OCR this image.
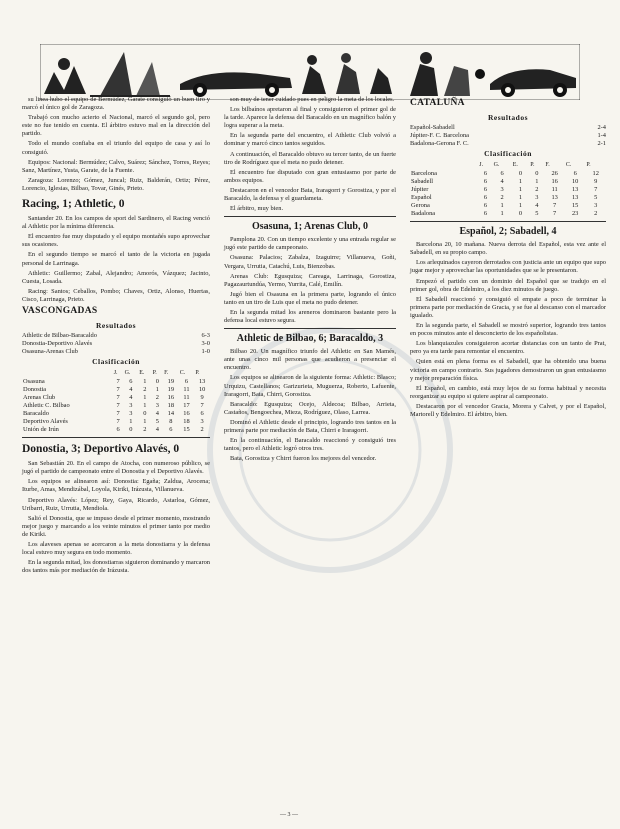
su linea hubo el equipo de Bermúdez, Garate consiguió un buen tiro y marcó el único gol de Zaragoza.

Trabajó con mucho acierto el Nacional, marcó el segundo gol, pero este no fue tenido en cuenta. El árbitro estuvo mal en la dirección del partido.

Todo el mundo confiaba en el triunfo del equipo de casa y así lo consiguió.

Equipos: Nacional: Bermúdez; Calvo, Suárez; Sánchez, Torres, Reyes; Sanz, Martínez, Yusta, Garate, de la Fuente.

Zaragoza: Lorenzo; Gómez, Juncal; Ruiz, Balderán, Ortiz; Pérez, Lorencio, Iglesias, Bilbao, Tovar, Ginés, Prieto.

Racing, 1; Athletic, 0

Santander 20. En los campos de sport del Sardinero, el Racing venció al Athletic por la mínima diferencia.

El encuentro fue muy disputado y el equipo montañés supo aprovechar sus ocasiones.

En el segundo tiempo se marcó el tanto de la victoria en jugada personal de Larrinaga.

Athletic: Guillermo; Zabal, Alejandro; Amorós, Vázquez; Jacinto, Cuesta, Losada.

Racing: Santos; Ceballos, Pombo; Chaves, Ortiz, Alonso, Huertas, Cisco, Larrinaga, Prieto.

VASCONGADAS
Resultados
Athletic de Bilbao-Baracaldo	6-3
Donostia-Deportivo Alavés	3-0
Osasuna-Arenas Club	1-0
Clasificación
	J.	G.	E.	P.	F.	C.	P.
Osasuna	7	6	1	0	19	6	13
Donostia	7	4	2	1	19	11	10
Arenas Club	7	4	1	2	16	11	9
Athletic C. Bilbao	7	3	1	3	18	17	7
Baracaldo	7	3	0	4	14	16	6
Deportivo Alavés	7	1	1	5	8	18	3
Unión de Irún	6	0	2	4	6	15	2
Donostia, 3; Deportivo Alavés, 0

San Sebastián 20. En el campo de Atocha, con numeroso público, se jugó el partido de campeonato entre el Donostia y el Deportivo Alavés.

Los equipos se alinearon así: Donostia: Egaña; Zaldua, Arocena; Iturbe, Amas, Mendizábal, Loyola, Kiriki, Irázusta, Villanueva.

Deportivo Alavés: López; Rey, Gaya, Ricardo, Astarloa, Gómez, Uribarri, Ruiz, Urrutia, Mendiola.

Salió el Donostia, que se impuso desde el primer momento, mostrando mejor juego y marcando a los veinte minutos el primer tanto por medio de Kiriki.

Los alaveses apenas se acercaron a la meta donostiarra y la defensa local estuvo muy segura en todo momento.

En la segunda mitad, los donostiarras siguieron dominando y marcaron dos tantos más por mediación de Irázusta.

son muy de tener cuidado pues en peligro la meta de los locales.

Los bilbaínos apretaron al final y consiguieron el primer gol de la tarde. Aparece la defensa del Baracaldo en un magnífico balón y logra superar a la meta.

En la segunda parte del encuentro, el Athletic Club volvió a dominar y marcó cinco tantos seguidos.

A continuación, el Baracaldo obtuvo su tercer tanto, de un fuerte tiro de Rodríguez que el meta no pudo detener.

El encuentro fue disputado con gran entusiasmo por parte de ambos equipos.

Destacaron en el vencedor Bata, Iraragorri y Gorostiza, y por el Baracaldo, la defensa y el guardameta.

El árbitro, muy bien.

Osasuna, 1; Arenas Club, 0

Pamplona 20. Con un tiempo excelente y una entrada regular se jugó este partido de campeonato.

Osasuna: Palacios; Zabalza, Izaguirre; Villanueva, Goñi, Vergara, Urrutia, Catachú, Luis, Bienzobas.

Arenas Club: Egusquiza; Careaga, Larrinaga, Gorostiza, Pagazaurtundúa, Yermo, Yurrita, Calé, Emilín.

Jugó bien el Osasuna en la primera parte, logrando el único tanto en un tiro de Luis que el meta no pudo detener.

En la segunda mitad los areneros dominaron bastante pero la defensa local estuvo segura.

Athletic de Bilbao, 6; Baracaldo, 3

Bilbao 20. Un magnífico triunfo del Athletic en San Mamés, ante unas cinco mil personas que acudieron a presenciar el encuentro.

Los equipos se alinearon de la siguiente forma: Athletic: Blasco; Urquizu, Castellanos; Garizurieta, Muguerza, Roberto, Lafuente, Iraragorri, Bata, Chirri, Gorostiza.

Baracaldo: Egusquiza; Ocejo, Aldecoa; Bilbao, Arrieta, Castaños, Bengoechea, Mieza, Rodríguez, Olaso, Larrea.

Dominó el Athletic desde el principio, logrando tres tantos en la primera parte por mediación de Bata, Chirri e Iraragorri.

En la continuación, el Baracaldo reaccionó y consiguió tres tantos, pero el Athletic logró otros tres.

Bata, Gorostiza y Chirri fueron los mejores del vencedor.

CATALUÑA
Resultados
Español-Sabadell	2-4
Júpiter-F. C. Barcelona	1-4
Badalona-Gerona F. C.	2-1
Clasificación
	J.	G.	E.	P.	F.	C.	P.
Barcelona	6	6	0	0	26	6	12
Sabadell	6	4	1	1	16	10	9
Júpiter	6	3	1	2	11	13	7
Español	6	2	1	3	13	13	5
Gerona	6	1	1	4	7	15	3
Badalona	6	1	0	5	7	23	2
Español, 2; Sabadell, 4

Barcelona 20, 10 mañana. Nueva derrota del Español, esta vez ante el Sabadell, en su propio campo.

Los arlequinados cayeron derrotados con justicia ante un equipo que supo jugar mejor y aprovechar las oportunidades que se le presentaron.

Empezó el partido con un dominio del Español que se tradujo en el primer gol, obra de Edelmiro, a los diez minutos de juego.

El Sabadell reaccionó y consiguió el empate a poco de terminar la primera parte por mediación de Gracia, y se fue al descanso con el marcador igualado.

En la segunda parte, el Sabadell se mostró superior, logrando tres tantos en pocos minutos ante el desconcierto de los españolistas.

Los blanquiazules consiguieron acortar distancias con un tanto de Prat, pero ya era tarde para remontar el encuentro.

Quien está en plena forma es el Sabadell, que ha obtenido una buena victoria en campo contrario. Sus jugadores demostraron un gran entusiasmo y mejor preparación física.

El Español, en cambio, está muy lejos de su forma habitual y necesita reorganizar su equipo si quiere aspirar al campeonato.

Destacaron por el vencedor Gracia, Morera y Calvet, y por el Español, Martorell y Edelmiro. El árbitro, bien.

— 3 —
